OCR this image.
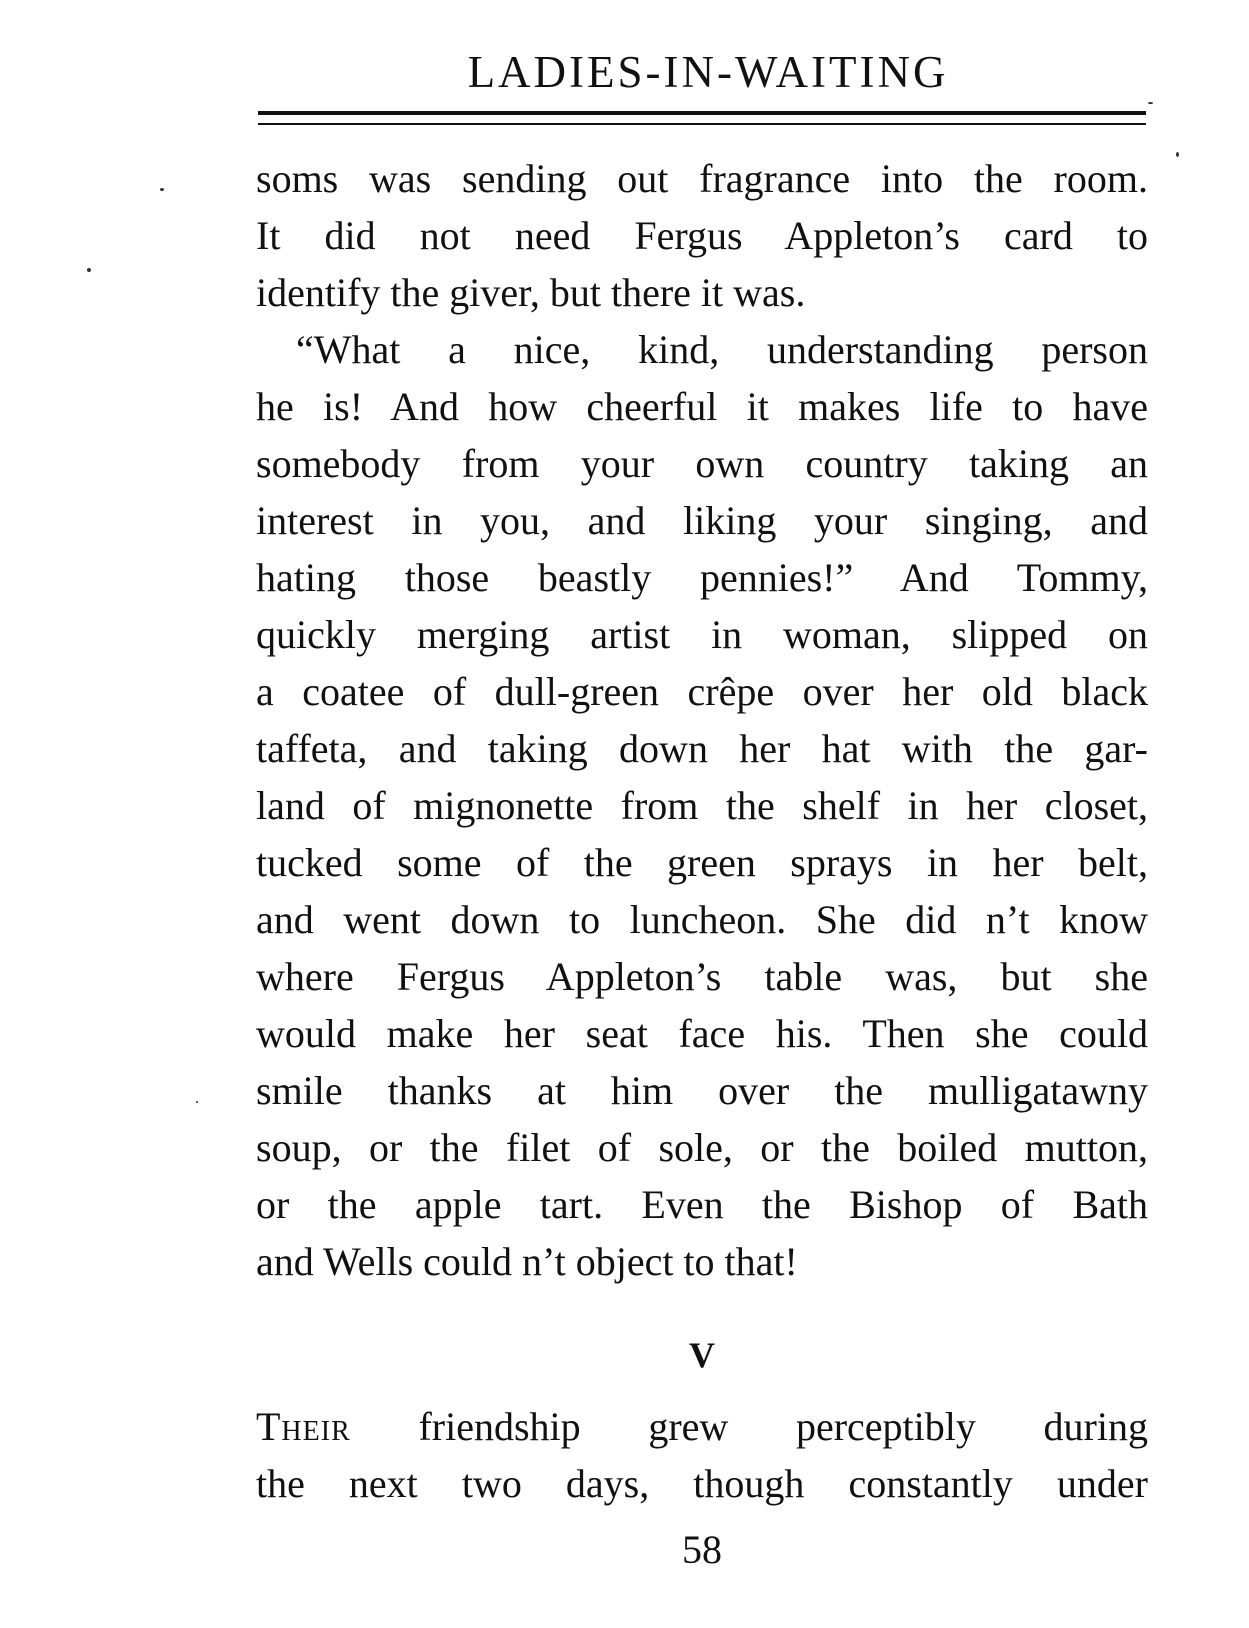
LADIES-IN-WAITING
soms was sending out fragrance into the room.
It did not need Fergus Appleton’s card to
identify the giver, but there it was.
“What a nice, kind, understanding person
he is! And how cheerful it makes life to have
somebody from your own country taking an
interest in you, and liking your singing, and
hating those beastly pennies!” And Tommy,
quickly merging artist in woman, slipped on
a coatee of dull-green crêpe over her old black
taffeta, and taking down her hat with the gar-
land of mignonette from the shelf in her closet,
tucked some of the green sprays in her belt,
and went down to luncheon. She did n’t know
where Fergus Appleton’s table was, but she
would make her seat face his. Then she could
smile thanks at him over the mulligatawny
soup, or the filet of sole, or the boiled mutton,
or the apple tart. Even the Bishop of Bath
and Wells could n’t object to that!
V
Their friendship grew perceptibly during
the next two days, though constantly under
58
